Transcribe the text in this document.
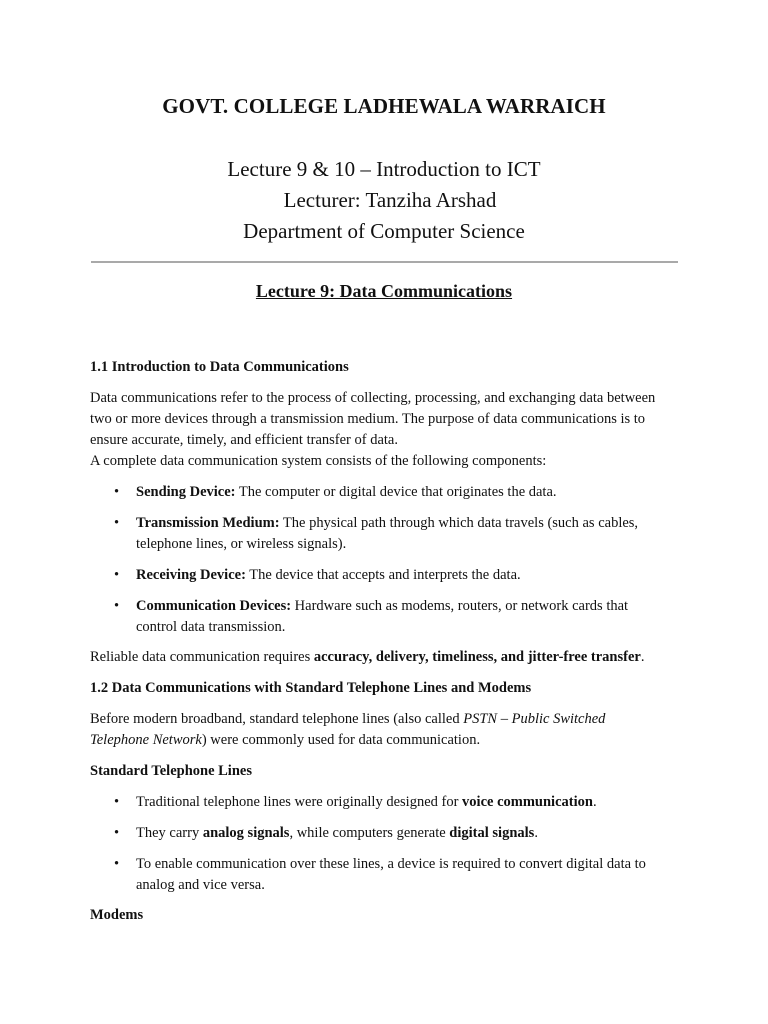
GOVT. COLLEGE LADHEWALA WARRAICH
Lecture 9 & 10 – Introduction to ICT
Lecturer: Tanziha Arshad
Department of Computer Science
Lecture 9: Data Communications
1.1 Introduction to Data Communications
Data communications refer to the process of collecting, processing, and exchanging data between
two or more devices through a transmission medium. The purpose of data communications is to
ensure accurate, timely, and efficient transfer of data.
A complete data communication system consists of the following components:
• Sending Device: The computer or digital device that originates the data.
• Transmission Medium: The physical path through which data travels (such as cables,
telephone lines, or wireless signals).
• Receiving Device: The device that accepts and interprets the data.
• Communication Devices: Hardware such as modems, routers, or network cards that
control data transmission.
Reliable data communication requires accuracy, delivery, timeliness, and jitter-free transfer.
1.2 Data Communications with Standard Telephone Lines and Modems
Before modern broadband, standard telephone lines (also called PSTN – Public Switched
Telephone Network) were commonly used for data communication.
Standard Telephone Lines
• Traditional telephone lines were originally designed for voice communication.
• They carry analog signals, while computers generate digital signals.
• To enable communication over these lines, a device is required to convert digital data to
analog and vice versa.
Modems
